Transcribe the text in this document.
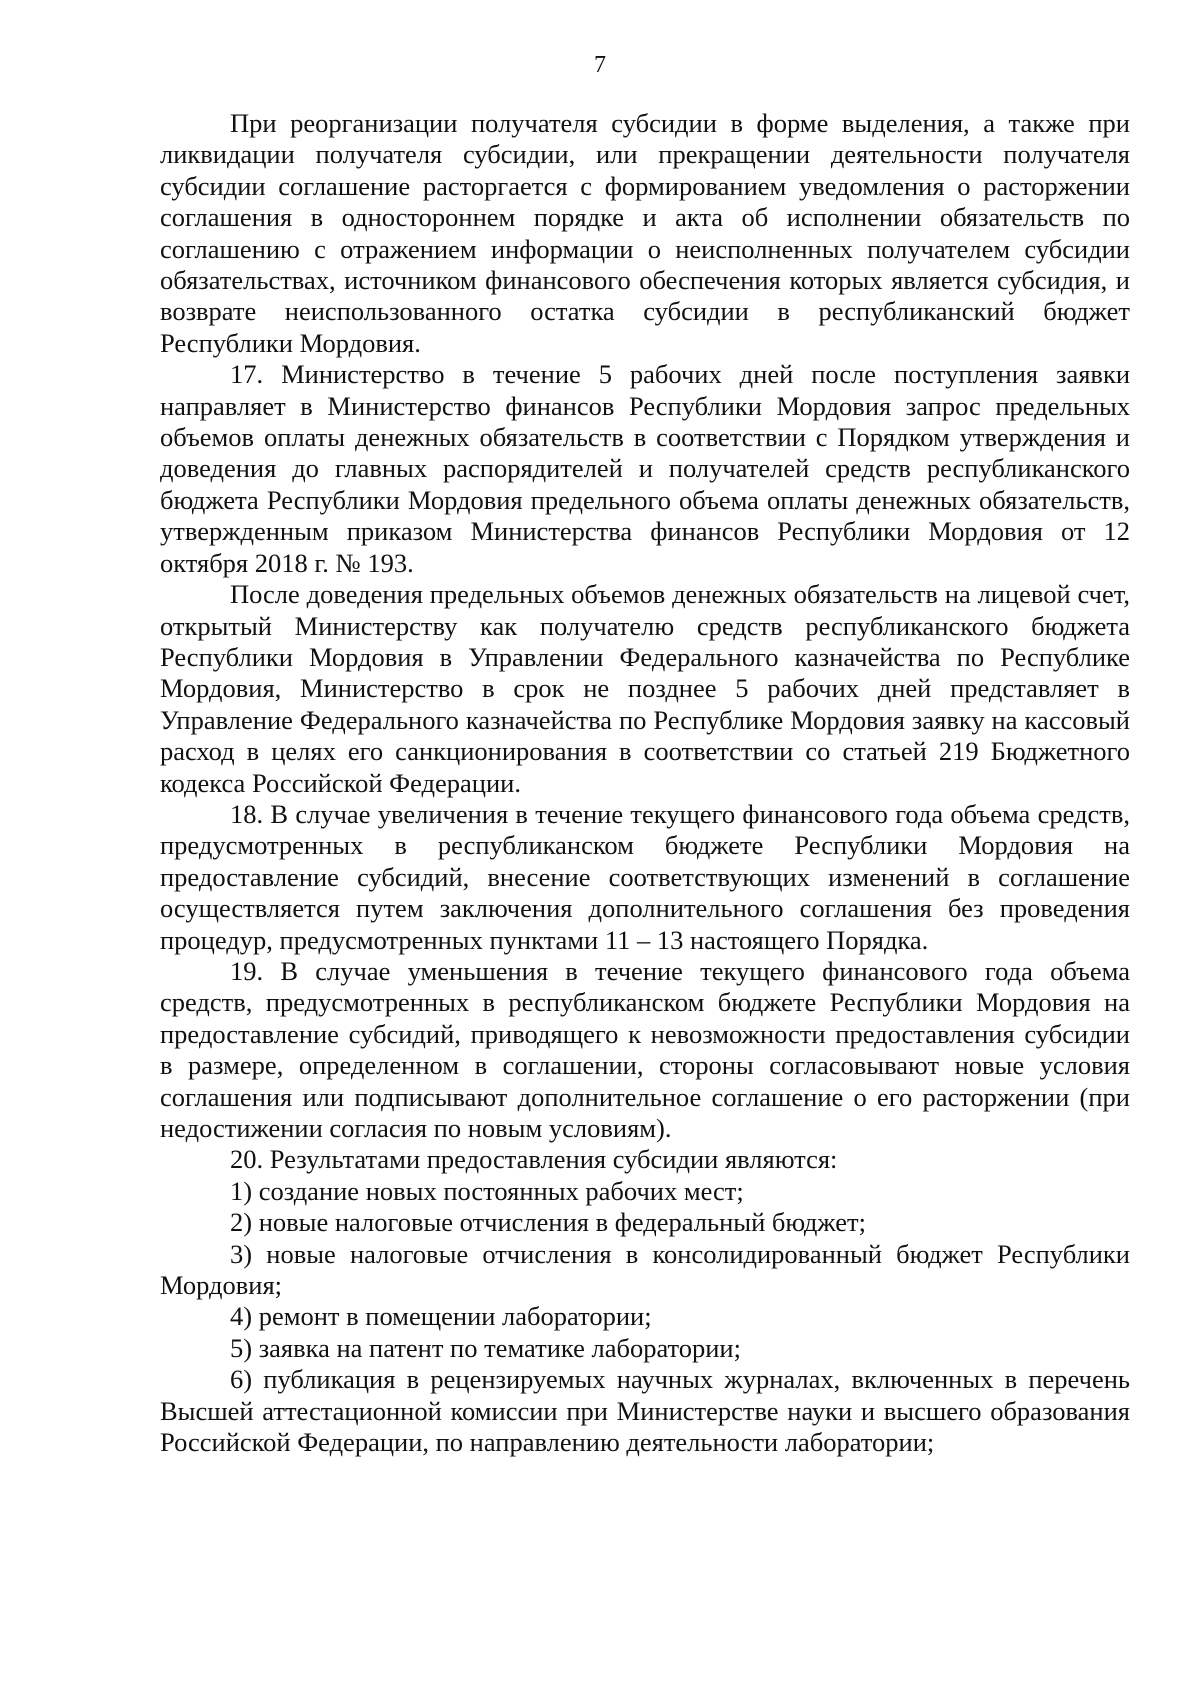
7

При реорганизации получателя субсидии в форме выделения, а также при ликвидации получателя субсидии, или прекращении деятельности получателя субсидии соглашение расторгается с формированием уведомления о расторжении соглашения в одностороннем порядке и акта об исполнении обязательств по соглашению с отражением информации о неисполненных получателем субсидии обязательствах, источником финансового обеспечения которых является субсидия, и возврате неиспользованного остатка субсидии в республиканский бюджет Республики Мордовия.

17. Министерство в течение 5 рабочих дней после поступления заявки направляет в Министерство финансов Республики Мордовия запрос предельных объемов оплаты денежных обязательств в соответствии с Порядком утверждения и доведения до главных распорядителей и получателей средств республиканского бюджета Республики Мордовия предельного объема оплаты денежных обязательств, утвержденным приказом Министерства финансов Республики Мордовия от 12 октября 2018 г. № 193.

После доведения предельных объемов денежных обязательств на лицевой счет, открытый Министерству как получателю средств республиканского бюджета Республики Мордовия в Управлении Федерального казначейства по Республике Мордовия, Министерство в срок не позднее 5 рабочих дней представляет в Управление Федерального казначейства по Республике Мордовия заявку на кассовый расход в целях его санкционирования в соответствии со статьей 219 Бюджетного кодекса Российской Федерации.

18. В случае увеличения в течение текущего финансового года объема средств, предусмотренных в республиканском бюджете Республики Мордовия на предоставление субсидий, внесение соответствующих изменений в соглашение осуществляется путем заключения дополнительного соглашения без проведения процедур, предусмотренных пунктами 11 – 13 настоящего Порядка.

19. В случае уменьшения в течение текущего финансового года объема средств, предусмотренных в республиканском бюджете Республики Мордовия на предоставление субсидий, приводящего к невозможности предоставления субсидии в размере, определенном в соглашении, стороны согласовывают новые условия соглашения или подписывают дополнительное соглашение о его расторжении (при недостижении согласия по новым условиям).

20. Результатами предоставления субсидии являются:

1) создание новых постоянных рабочих мест;

2) новые налоговые отчисления в федеральный бюджет;

3) новые налоговые отчисления в консолидированный бюджет Республики Мордовия;

4) ремонт в помещении лаборатории;

5) заявка на патент по тематике лаборатории;

6) публикация в рецензируемых научных журналах, включенных в перечень Высшей аттестационной комиссии при Министерстве науки и высшего образования Российской Федерации, по направлению деятельности лаборатории;
